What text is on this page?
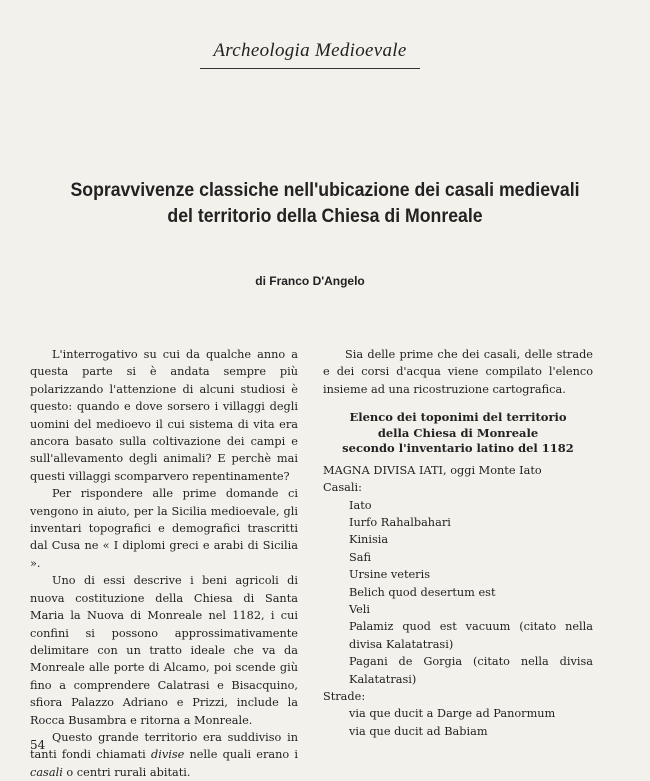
Archeologia Medioevale
Sopravvivenze classiche nell'ubicazione dei casali medievali
del territorio della Chiesa di Monreale
di Franco D'Angelo

L'interrogativo su cui da qualche anno a questa parte si è andata sempre più polarizzando l'attenzione di alcuni studiosi è questo: quando e dove sorsero i villaggi degli uomini del medioevo il cui sistema di vita era ancora basato sulla coltivazione dei campi e sull'allevamento degli animali? E perchè mai questi villaggi scomparvero repentinamente?

Per rispondere alle prime domande ci vengono in aiuto, per la Sicilia medioevale, gli inventari topografici e demografici trascritti dal Cusa ne « I diplomi greci e arabi di Sicilia ».

Uno di essi descrive i beni agricoli di nuova costituzione della Chiesa di Santa Maria la Nuova di Monreale nel 1182, i cui confini si possono approssimativamente delimitare con un tratto ideale che va da Monreale alle porte di Alcamo, poi scende giù fino a comprendere Calatrasi e Bisacquino, sfiora Palazzo Adriano e Prizzi, include la Rocca Busambra e ritorna a Monreale.

Questo grande territorio era suddiviso in tanti fondi chiamati divise nelle quali erano i casali o centri rurali abitati.

Sia delle prime che dei casali, delle strade e dei corsi d'acqua viene compilato l'elenco insieme ad una ricostruzione cartografica.

Elenco dei toponimi del territorio
della Chiesa di Monreale
secondo l'inventario latino del 1182

MAGNA DIVISA IATI, oggi Monte Iato

Casali:

Iato

Iurfo Rahalbahari

Kinisia

Safi

Ursine veteris

Belich quod desertum est

Veli

Palamiz quod est vacuum (citato nella divisa Kalatatrasi)

Pagani de Gorgia (citato nella divisa Kalatatrasi)

Strade:

via que ducit a Darge ad Panormum

via que ducit ad Babiam

54
